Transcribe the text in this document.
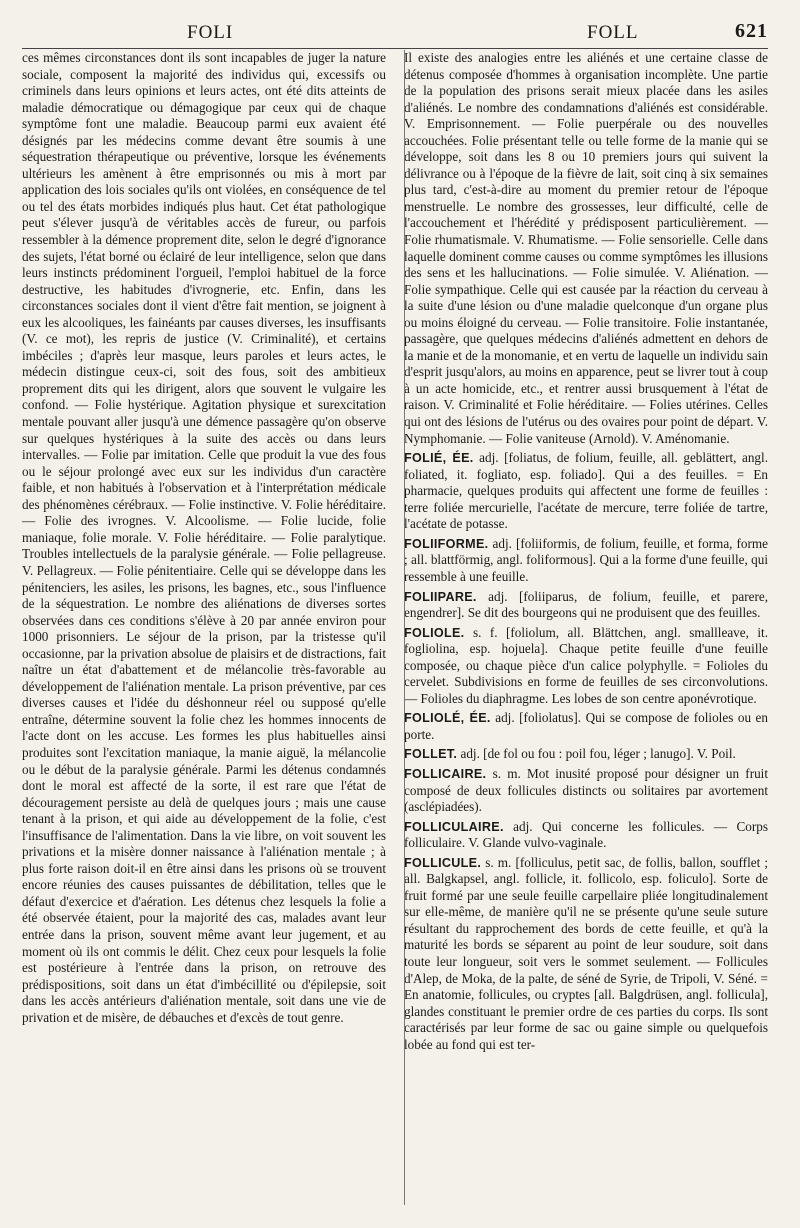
FOLI	FOLL	621

ces mêmes circonstances dont ils sont incapables de juger la nature sociale, composent la majorité des individus qui, excessifs ou criminels dans leurs opinions et leurs actes, ont été dits atteints de maladie démocratique ou démagogique par ceux qui de chaque symptôme font une maladie. Beaucoup parmi eux avaient été désignés par les médecins comme devant être soumis à une séquestration thérapeutique ou préventive, lorsque les événements ultérieurs les amènent à être emprisonnés ou mis à mort par application des lois sociales qu'ils ont violées, en conséquence de tel ou tel des états morbides indiqués plus haut. Cet état pathologique peut s'élever jusqu'à de véritables accès de fureur, ou parfois ressembler à la démence proprement dite, selon le degré d'ignorance des sujets, l'état borné ou éclairé de leur intelligence, selon que dans leurs instincts prédominent l'orgueil, l'emploi habituel de la force destructive, les habitudes d'ivrognerie, etc. Enfin, dans les circonstances sociales dont il vient d'être fait mention, se joignent à eux les alcooliques, les fainéants par causes diverses, les insuffisants (V. ce mot), les repris de justice (V. Criminalité), et certains imbéciles ; d'après leur masque, leurs paroles et leurs actes, le médecin distingue ceux-ci, soit des fous, soit des ambitieux proprement dits qui les dirigent, alors que souvent le vulgaire les confond. — Folie hystérique. Agitation physique et surexcitation mentale pouvant aller jusqu'à une démence passagère qu'on observe sur quelques hystériques à la suite des accès ou dans leurs intervalles. — Folie par imitation. Celle que produit la vue des fous ou le séjour prolongé avec eux sur les individus d'un caractère faible, et non habitués à l'observation et à l'interprétation médicale des phénomènes cérébraux. — Folie instinctive. V. Folie héréditaire. — Folie des ivrognes. V. Alcoolisme. — Folie lucide, folie maniaque, folie morale. V. Folie héréditaire. — Folie paralytique. Troubles intellectuels de la paralysie générale. — Folie pellagreuse. V. Pellagreux. — Folie pénitentiaire. Celle qui se développe dans les pénitenciers, les asiles, les prisons, les bagnes, etc., sous l'influence de la séquestration. Le nombre des aliénations de diverses sortes observées dans ces conditions s'élève à 20 par année environ pour 1000 prisonniers. Le séjour de la prison, par la tristesse qu'il occasionne, par la privation absolue de plaisirs et de distractions, fait naître un état d'abattement et de mélancolie très-favorable au développement de l'aliénation mentale. La prison préventive, par ces diverses causes et l'idée du déshonneur réel ou supposé qu'elle entraîne, détermine souvent la folie chez les hommes innocents de l'acte dont on les accuse. Les formes les plus habituelles ainsi produites sont l'excitation maniaque, la manie aiguë, la mélancolie ou le début de la paralysie générale. Parmi les détenus condamnés dont le moral est affecté de la sorte, il est rare que l'état de découragement persiste au delà de quelques jours ; mais une cause tenant à la prison, et qui aide au développement de la folie, c'est l'insuffisance de l'alimentation. Dans la vie libre, on voit souvent les privations et la misère donner naissance à l'aliénation mentale ; à plus forte raison doit-il en être ainsi dans les prisons où se trouvent encore réunies des causes puissantes de débilitation, telles que le défaut d'exercice et d'aération. Les détenus chez lesquels la folie a été observée étaient, pour la majorité des cas, malades avant leur entrée dans la prison, souvent même avant leur jugement, et au moment où ils ont commis le délit. Chez ceux pour lesquels la folie est postérieure à l'entrée dans la prison, on retrouve des prédispositions, soit dans un état d'imbécillité ou d'épilepsie, soit dans les accès antérieurs d'aliénation mentale, soit dans une vie de privation et de misère, de débauches et d'excès de tout genre.

Il existe des analogies entre les aliénés et une certaine classe de détenus composée d'hommes à organisation incomplète. Une partie de la population des prisons serait mieux placée dans les asiles d'aliénés. Le nombre des condamnations d'aliénés est considérable. V. Emprisonnement. — Folie puerpérale ou des nouvelles accouchées. Folie présentant telle ou telle forme de la manie qui se développe, soit dans les 8 ou 10 premiers jours qui suivent la délivrance ou à l'époque de la fièvre de lait, soit cinq à six semaines plus tard, c'est-à-dire au moment du premier retour de l'époque menstruelle. Le nombre des grossesses, leur difficulté, celle de l'accouchement et l'hérédité y prédisposent particulièrement. — Folie rhumatismale. V. Rhumatisme. — Folie sensorielle. Celle dans laquelle dominent comme causes ou comme symptômes les illusions des sens et les hallucinations. — Folie simulée. V. Aliénation. — Folie sympathique. Celle qui est causée par la réaction du cerveau à la suite d'une lésion ou d'une maladie quelconque d'un organe plus ou moins éloigné du cerveau. — Folie transitoire. Folie instantanée, passagère, que quelques médecins d'aliénés admettent en dehors de la manie et de la monomanie, et en vertu de laquelle un individu sain d'esprit jusqu'alors, au moins en apparence, peut se livrer tout à coup à un acte homicide, etc., et rentrer aussi brusquement à l'état de raison. V. Criminalité et Folie héréditaire. — Folies utérines. Celles qui ont des lésions de l'utérus ou des ovaires pour point de départ. V. Nymphomanie. — Folie vaniteuse (Arnold). V. Aménomanie.

FOLIÉ, ÉE. adj. [foliatus, de folium, feuille, all. geblättert, angl. foliated, it. fogliato, esp. foliado]. Qui a des feuilles. = En pharmacie, quelques produits qui affectent une forme de feuilles : terre foliée mercurielle, l'acétate de mercure, terre foliée de tartre, l'acétate de potasse.

FOLIIFORME. adj. [foliiformis, de folium, feuille, et forma, forme ; all. blattförmig, angl. foliformous]. Qui a la forme d'une feuille, qui ressemble à une feuille.

FOLIIPARE. adj. [foliiparus, de folium, feuille, et parere, engendrer]. Se dit des bourgeons qui ne produisent que des feuilles.

FOLIOLE. s. f. [foliolum, all. Blättchen, angl. smallleave, it. fogliolina, esp. hojuela]. Chaque petite feuille d'une feuille composée, ou chaque pièce d'un calice polyphylle. = Folioles du cervelet. Subdivisions en forme de feuilles de ses circonvolutions. — Folioles du diaphragme. Les lobes de son centre aponévrotique.

FOLIOLÉ, ÉE. adj. [foliolatus]. Qui se compose de folioles ou en porte.

FOLLET. adj. [de fol ou fou : poil fou, léger ; lanugo]. V. Poil.

FOLLICAIRE. s. m. Mot inusité proposé pour désigner un fruit composé de deux follicules distincts ou solitaires par avortement (asclépiadées).

FOLLICULAIRE. adj. Qui concerne les follicules. — Corps folliculaire. V. Glande vulvo-vaginale.

FOLLICULE. s. m. [folliculus, petit sac, de follis, ballon, soufflet ; all. Balgkapsel, angl. follicle, it. follicolo, esp. foliculo]. Sorte de fruit formé par une seule feuille carpellaire pliée longitudinalement sur elle-même, de manière qu'il ne se présente qu'une seule suture résultant du rapprochement des bords de cette feuille, et qu'à la maturité les bords se séparent au point de leur soudure, soit dans toute leur longueur, soit vers le sommet seulement. — Follicules d'Alep, de Moka, de la palte, de séné de Syrie, de Tripoli, V. Séné. = En anatomie, follicules, ou cryptes [all. Balgdrüsen, angl. follicula], glandes constituant le premier ordre de ces parties du corps. Ils sont caractérisés par leur forme de sac ou gaine simple ou quelquefois lobée au fond qui est ter-
